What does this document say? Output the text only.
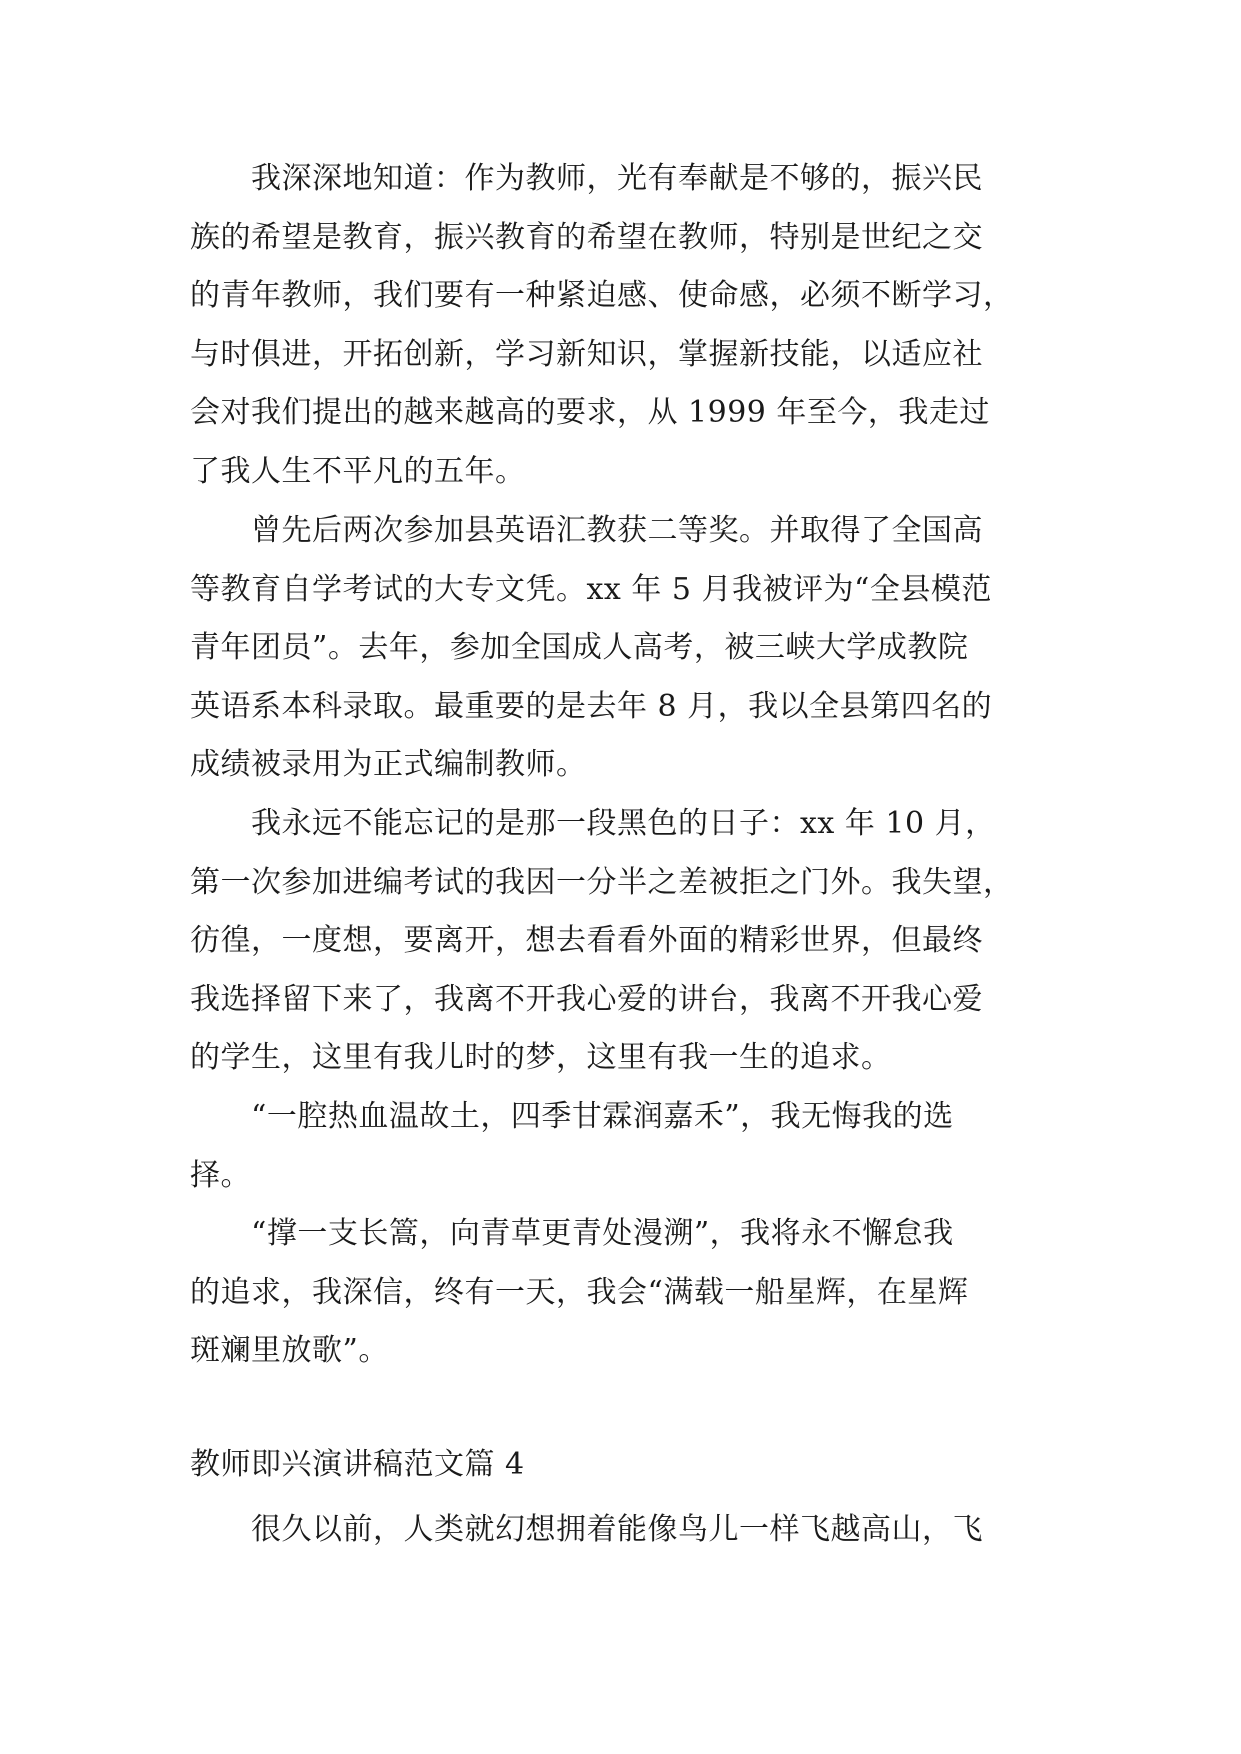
　　我深深地知道：作为教师，光有奉献是不够的，振兴民
族的希望是教育，振兴教育的希望在教师，特别是世纪之交
的青年教师，我们要有一种紧迫感、使命感，必须不断学习，
与时俱进，开拓创新，学习新知识，掌握新技能，以适应社
会对我们提出的越来越高的要求，从 1999 年至今，我走过
了我人生不平凡的五年。
　　曾先后两次参加县英语汇教获二等奖。并取得了全国高
等教育自学考试的大专文凭。xx 年 5 月我被评为“全县模范
青年团员”。去年，参加全国成人高考，被三峡大学成教院
英语系本科录取。最重要的是去年 8 月，我以全县第四名的
成绩被录用为正式编制教师。
　　我永远不能忘记的是那一段黑色的日子：xx 年 10 月，
第一次参加进编考试的我因一分半之差被拒之门外。我失望，
彷徨，一度想，要离开，想去看看外面的精彩世界，但最终
我选择留下来了，我离不开我心爱的讲台，我离不开我心爱
的学生，这里有我儿时的梦，这里有我一生的追求。
　　“一腔热血温故土，四季甘霖润嘉禾”，我无悔我的选
择。
　　“撑一支长篙，向青草更青处漫溯”，我将永不懈怠我
的追求，我深信，终有一天，我会“满载一船星辉，在星辉
斑斓里放歌”。
教师即兴演讲稿范文篇 4
　　很久以前，人类就幻想拥着能像鸟儿一样飞越高山，飞
